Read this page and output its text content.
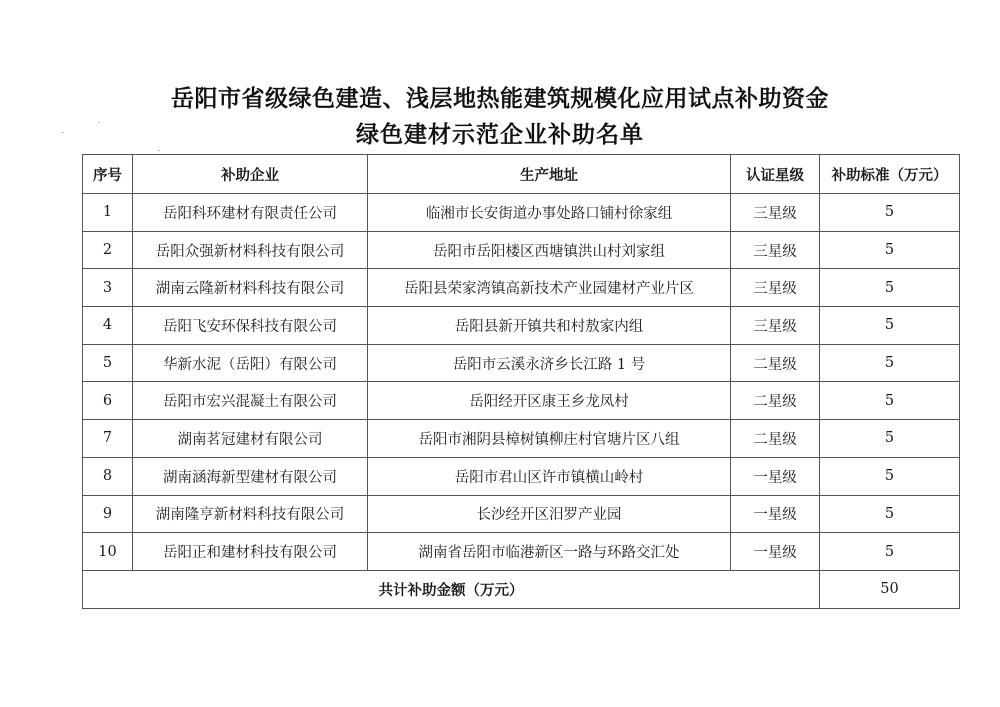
岳阳市省级绿色建造、浅层地热能建筑规模化应用试点补助资金
绿色建材示范企业补助名单
序号	补助企业	生产地址	认证星级	补助标准（万元）
1	岳阳科环建材有限责任公司	临湘市长安街道办事处路口铺村徐家组	三星级	5
2	岳阳众强新材料科技有限公司	岳阳市岳阳楼区西塘镇洪山村刘家组	三星级	5
3	湖南云隆新材料科技有限公司	岳阳县荣家湾镇高新技术产业园建材产业片区	三星级	5
4	岳阳飞安环保科技有限公司	岳阳县新开镇共和村敖家内组	三星级	5
5	华新水泥（岳阳）有限公司	岳阳市云溪永济乡长江路 1 号	二星级	5
6	岳阳市宏兴混凝土有限公司	岳阳经开区康王乡龙凤村	二星级	5
7	湖南茗冠建材有限公司	岳阳市湘阴县樟树镇柳庄村官塘片区八组	二星级	5
8	湖南涵海新型建材有限公司	岳阳市君山区许市镇横山岭村	一星级	5
9	湖南隆亨新材料科技有限公司	长沙经开区汨罗产业园	一星级	5
10	岳阳正和建材科技有限公司	湖南省岳阳市临港新区一路与环路交汇处	一星级	5
共计补助金额（万元）				50
